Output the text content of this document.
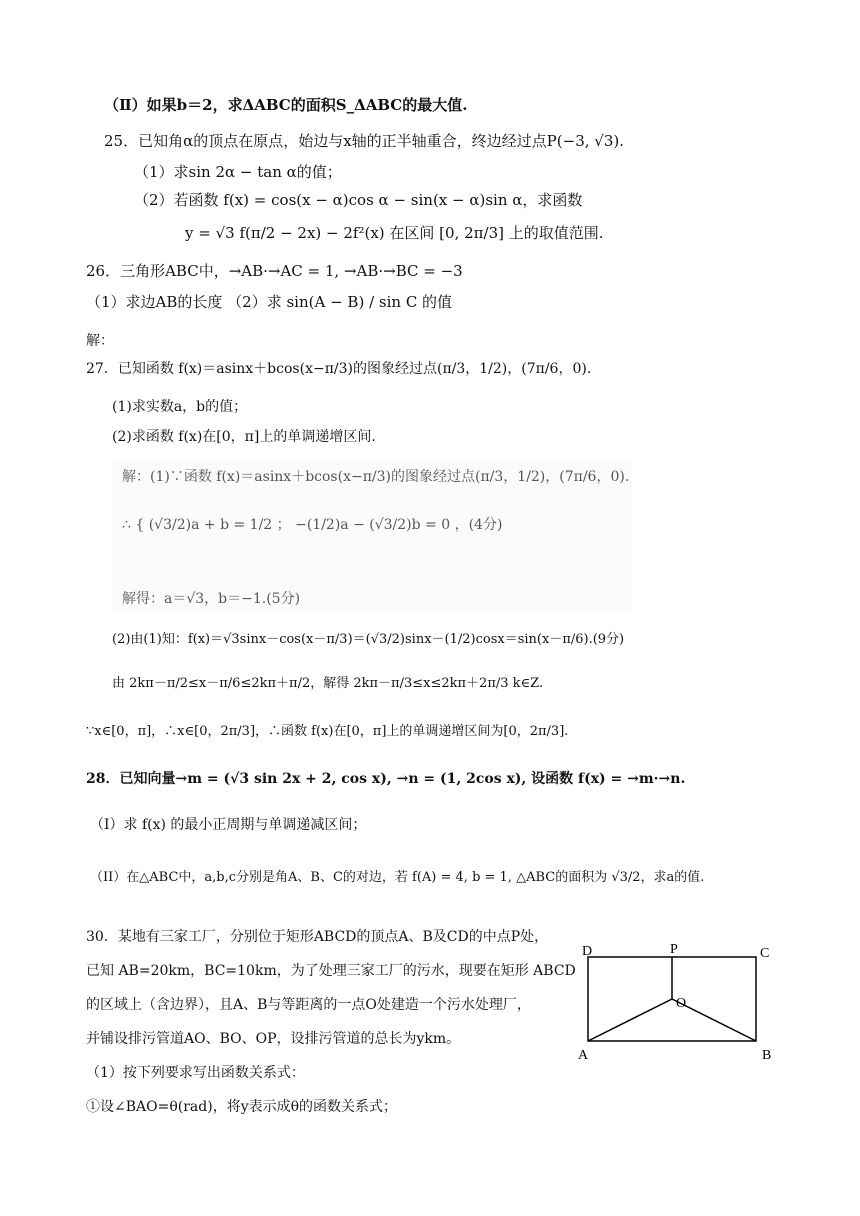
（Ⅱ）如果b＝2，求ΔABC的面积S_ΔABC的最大值.
25．已知角α的顶点在原点，始边与x轴的正半轴重合，终边经过点P(−3, √3).
（1）求sin 2α − tan α的值；
（2）若函数 f(x) = cos(x − α)cos α − sin(x − α)sin α，求函数
y = √3 f(π/2 − 2x) − 2f²(x) 在区间 [0, 2π/3] 上的取值范围.
26．三角形ABC中，→AB·→AC = 1, →AB·→BC = −3
（1）求边AB的长度 （2）求 sin(A − B) / sin C 的值
解：
27．已知函数 f(x)＝asinx＋bcos(x−π/3)的图象经过点(π/3，1/2)，(7π/6，0).
(1)求实数a，b的值；
(2)求函数 f(x)在[0，π]上的单调递增区间.
解：(1)∵函数 f(x)＝asinx＋bcos(x−π/3)的图象经过点(π/3，1/2)，(7π/6，0).
∴ { (√3/2)a + b = 1/2 ； −(1/2)a − (√3/2)b = 0 ，(4分)
解得：a＝√3，b＝−1.(5分)
(2)由(1)知：f(x)＝√3sinx－cos(x－π/3)＝(√3/2)sinx－(1/2)cosx＝sin(x－π/6).(9分)
由 2kπ－π/2≤x－π/6≤2kπ＋π/2，解得 2kπ－π/3≤x≤2kπ＋2π/3 k∈Z.
∵x∈[0，π]，∴x∈[0，2π/3]，∴函数 f(x)在[0，π]上的单调递增区间为[0，2π/3].
28．已知向量→m = (√3 sin 2x + 2, cos x), →n = (1, 2cos x), 设函数 f(x) = →m·→n.
（I）求 f(x) 的最小正周期与单调递减区间；
（II）在△ABC中，a,b,c分别是角A、B、C的对边，若 f(A) = 4, b = 1, △ABC的面积为 √3/2，求a的值.
30．某地有三家工厂，分别位于矩形ABCD的顶点A、B及CD的中点P处，
已知 AB=20km，BC=10km，为了处理三家工厂的污水，现要在矩形 ABCD
的区域上（含边界），且A、B与等距离的一点O处建造一个污水处理厂，
并铺设排污管道AO、BO、OP，设排污管道的总长为ykm。
（1）按下列要求写出函数关系式：
①设∠BAO=θ(rad)，将y表示成θ的函数关系式；
D	P	C
O
A	B
